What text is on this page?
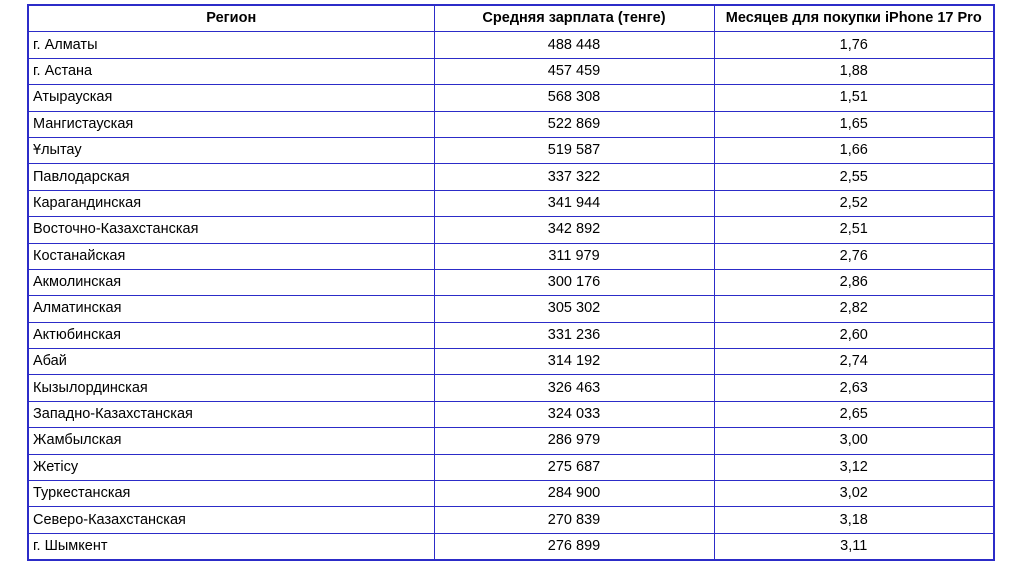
Регион	Средняя зарплата (тенге)	Месяцев для покупки iPhone 17 Pro
г. Алматы	488 448	1,76
г. Астана	457 459	1,88
Атырауская	568 308	1,51
Мангистауская	522 869	1,65
Ұлытау	519 587	1,66
Павлодарская	337 322	2,55
Карагандинская	341 944	2,52
Восточно-Казахстанская	342 892	2,51
Костанайская	311 979	2,76
Акмолинская	300 176	2,86
Алматинская	305 302	2,82
Актюбинская	331 236	2,60
Абай	314 192	2,74
Кызылординская	326 463	2,63
Западно-Казахстанская	324 033	2,65
Жамбылская	286 979	3,00
Жетісу	275 687	3,12
Туркестанская	284 900	3,02
Северо-Казахстанская	270 839	3,18
г. Шымкент	276 899	3,11
